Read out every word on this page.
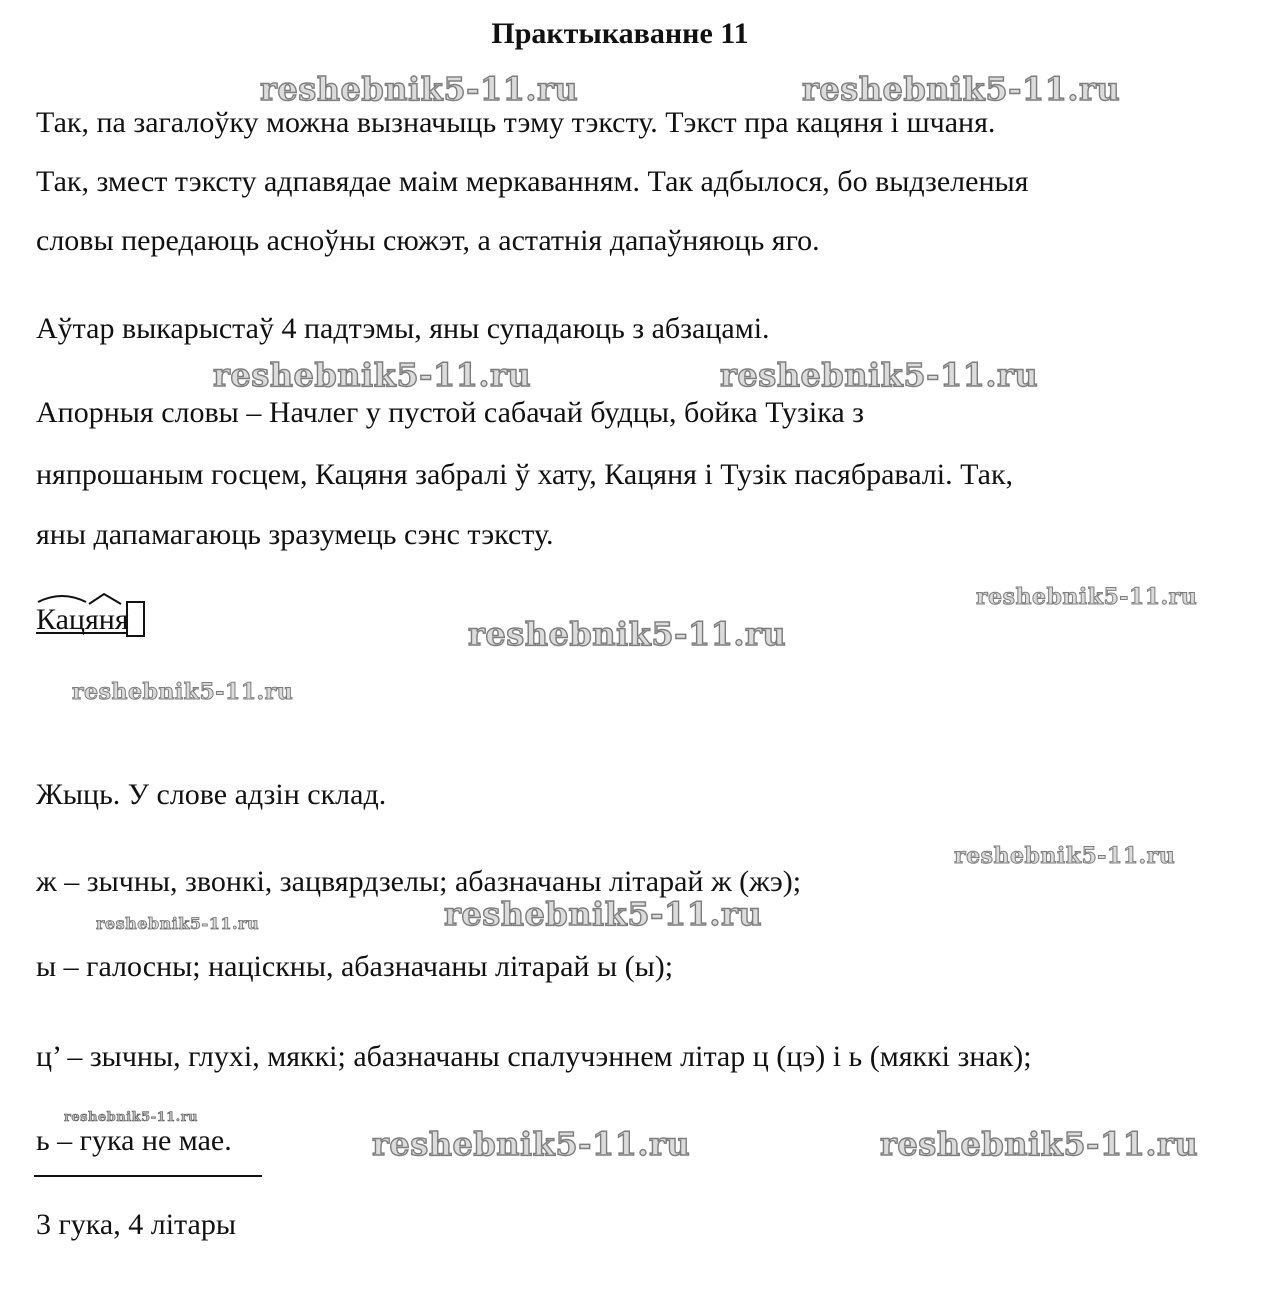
Практыкаванне 11
Так, па загалоўку можна вызначыць тэму тэксту. Тэкст пра кацяня і шчаня.
Так, змест тэксту адпавядае маім меркаванням. Так адбылося, бо выдзеленыя
словы передаюць асноўны сюжэт, а астатнія дапаўняюць яго.
Аўтар выкарыстаў 4 падтэмы, яны супадаюць з абзацамі.
Апорныя словы – Начлег у пустой сабачай будцы, бойка Тузіка з
няпрошаным госцем, Кацяня забралі ў хату, Кацяня і Тузік пасябравалі. Так,
яны дапамагаюць зразумець сэнс тэксту.
Кацяня
Жыць. У слове адзін склад.
ж – зычны, звонкі, зацвярдзелы; абазначаны літарай ж (жэ);
ы – галосны; націскны, абазначаны літарай ы (ы);
ц’ – зычны, глухі, мяккі; абазначаны спалучэннем літар ц (цэ) і ь (мяккі знак);
ь – гука не мае.
3 гука, 4 літары
reshebnik5-11.ru	reshebnik5-11.ru
reshebnik5-11.ru	reshebnik5-11.ru
reshebnik5-11.ru
reshebnik5-11.ru
reshebnik5-11.ru
reshebnik5-11.ru
reshebnik5-11.ru
reshebnik5-11.ru
reshebnik5-11.ru
reshebnik5-11.ru	reshebnik5-11.ru
